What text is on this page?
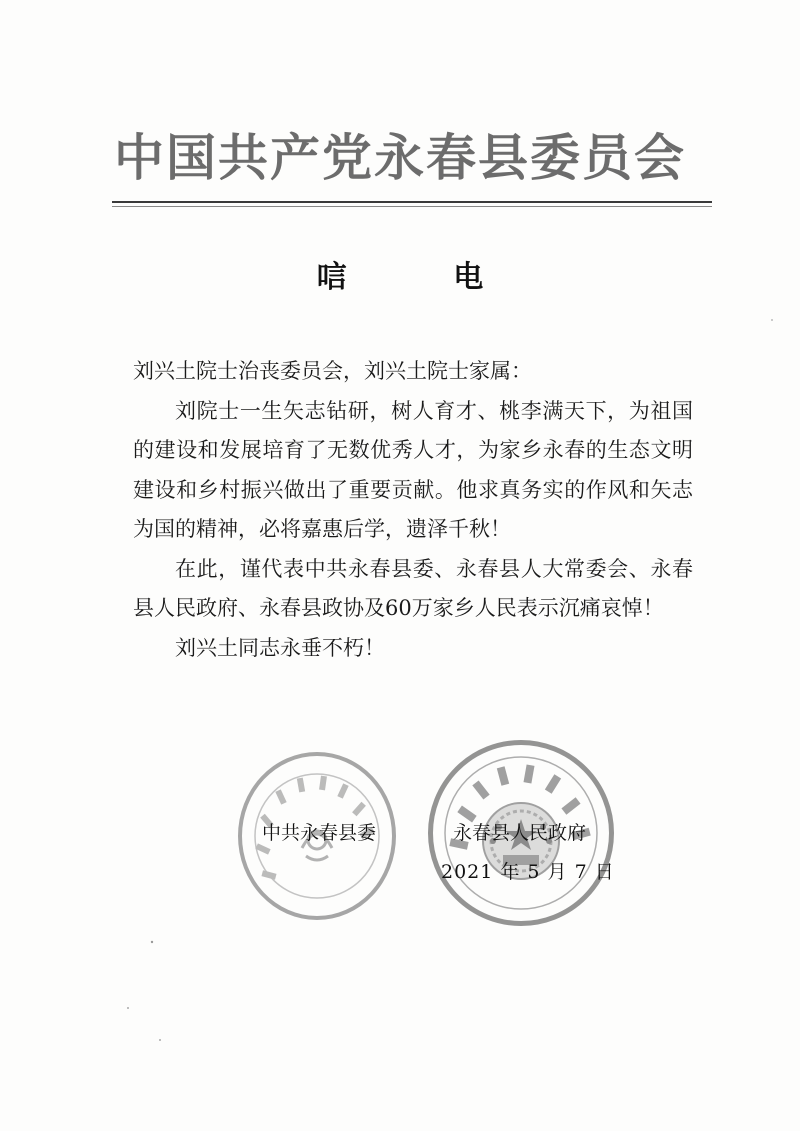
中国共产党永春县委员会
唁 电

刘兴土院士治丧委员会，刘兴土院士家属：

刘院士一生矢志钻研，树人育才、桃李满天下，为祖国的建设和发展培育了无数优秀人才，为家乡永春的生态文明建设和乡村振兴做出了重要贡献。他求真务实的作风和矢志为国的精神，必将嘉惠后学，遗泽千秋！

在此，谨代表中共永春县委、永春县人大常委会、永春县人民政府、永春县政协及60万家乡人民表示沉痛哀悼！

刘兴土同志永垂不朽！

中共永春县委	永春县人民政府
2021 年 5 月 7 日
